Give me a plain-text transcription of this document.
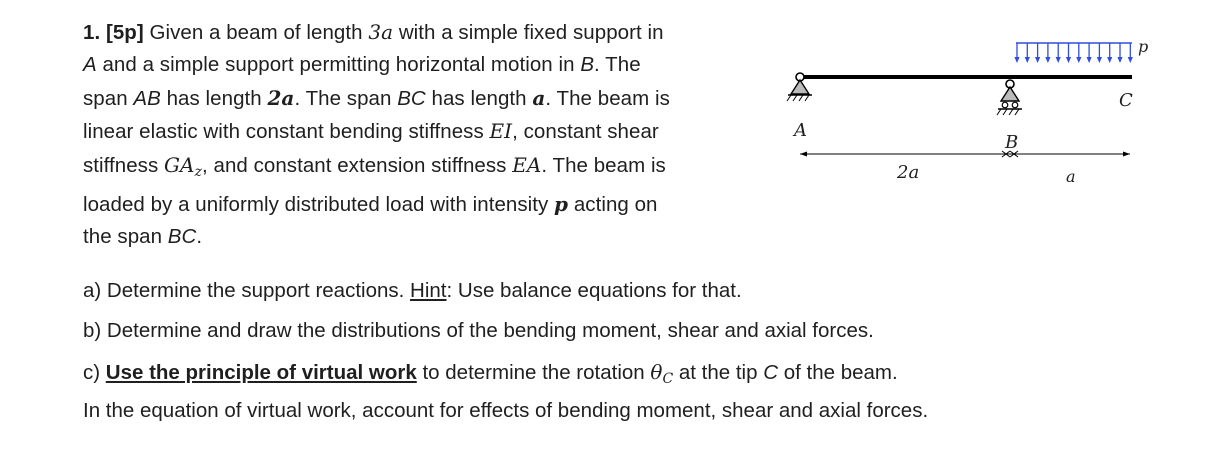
1. [5p] Given a beam of length 3a with a simple fixed support in
A and a simple support permitting horizontal motion in B. The
span AB has length 2a. The span BC has length a. The beam is
linear elastic with constant bending stiffness EI, constant shear
stiffness $GA_z$, and constant extension stiffness EA. The beam is
loaded by a uniformly distributed load with intensity p acting on
the span BC.
p
C
A
B
2a	a
a) Determine the support reactions. Hint: Use balance equations for that.
b) Determine and draw the distributions of the bending moment, shear and axial forces.
c) Use the principle of virtual work to determine the rotation $\theta_C$ at the tip C of the beam.
In the equation of virtual work, account for effects of bending moment, shear and axial forces.
